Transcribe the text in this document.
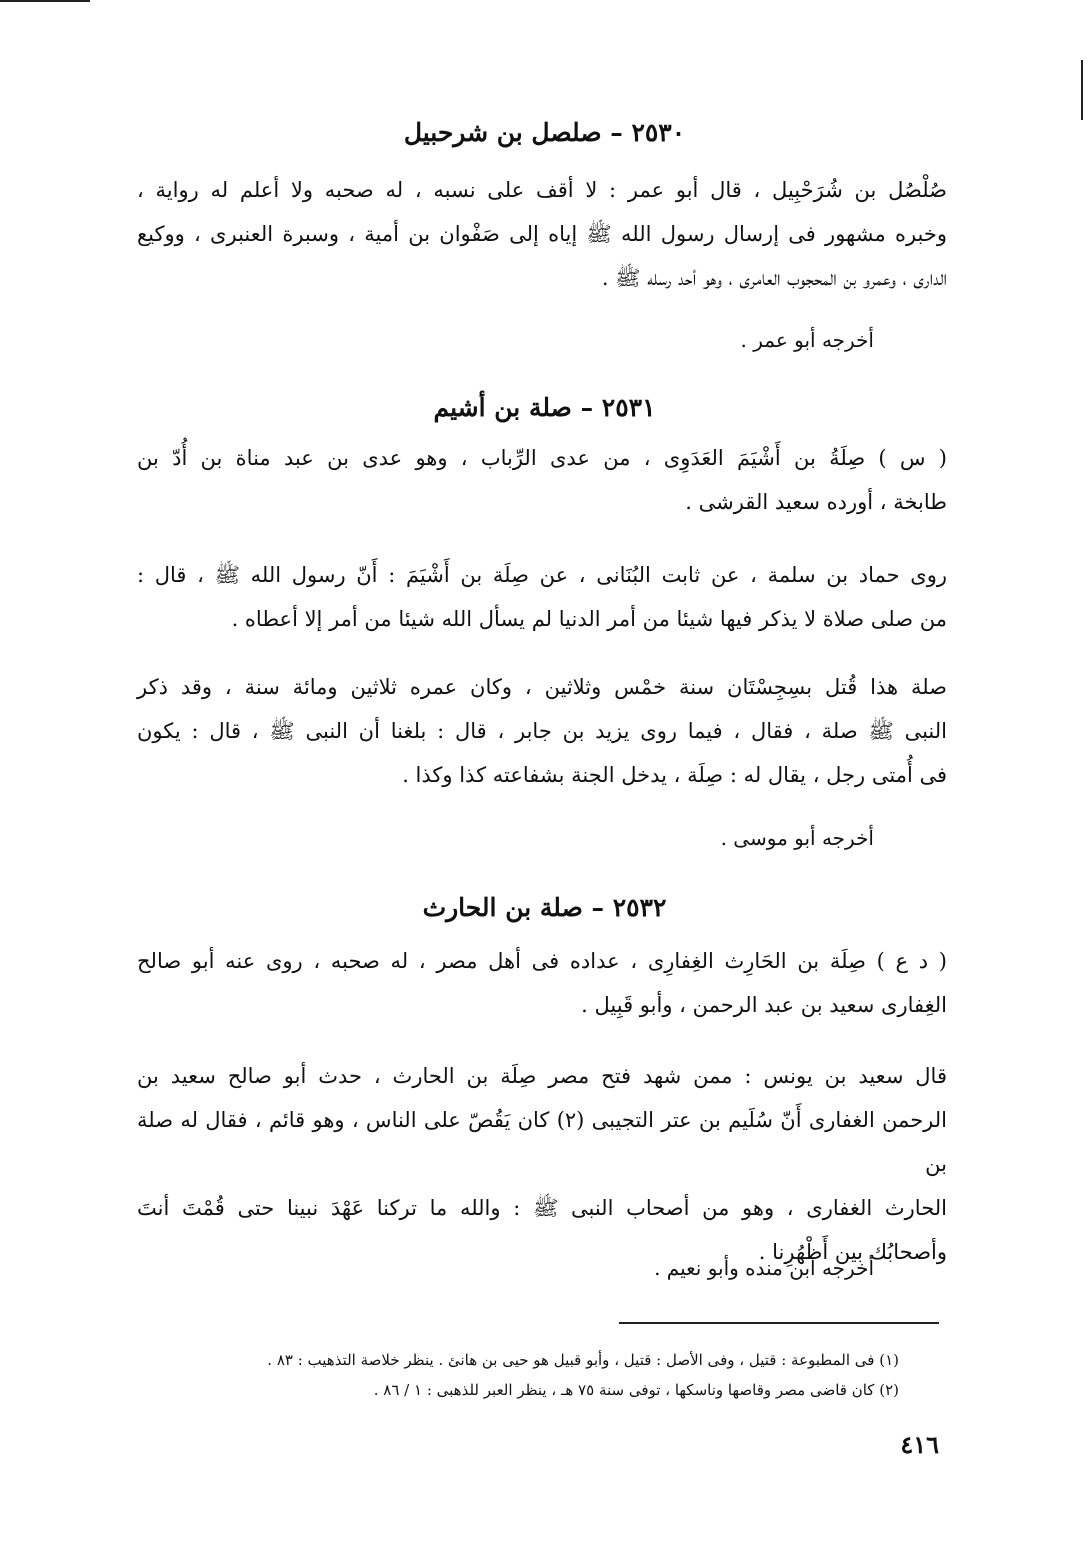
٢٥٣٠ – صلصل بن شرحبيل
صُلْصُل بن شُرَحْبِيل ، قال أبو عمر : لا أقف على نسبه ، له صحبه ولا أعلم له رواية ،
وخبره مشهور فى إرسال رسول الله ﷺ إياه إلى صَفْوان بن أمية ، وسبرة العنبرى ، ووكيع
الدارى ، وعمرو بن المحجوب العامرى ، وهو أحد رسله ﷺ .
أخرجه أبو عمر .
٢٥٣١ – صلة بن أشيم
( س ) صِلَةُ بن أَشْيَمَ العَدَوِى ، من عدى الرِّباب ، وهو عدى بن عبد مناة بن أُدّ بن
طابخة ، أورده سعيد القرشى .
روى حماد بن سلمة ، عن ثابت البُنَانى ، عن صِلَة بن أَشْيَمَ : أَنّ رسول الله ﷺ ، قال :
من صلى صلاة لا يذكر فيها شيئا من أمر الدنيا لم يسأل الله شيئا من أمر إلا أعطاه .
صلة هذا قُتل بسِجِسْتَان سنة خمْس وثلاثين ، وكان عمره ثلاثين ومائة سنة ، وقد ذكر
النبى ﷺ صلة ، فقال ، فيما روى يزيد بن جابر ، قال : بلغنا أن النبى ﷺ ، قال : يكون
فى أُمتى رجل ، يقال له : صِلَة ، يدخل الجنة بشفاعته كذا وكذا .
أخرجه أبو موسى .
٢٥٣٢ – صلة بن الحارث
( د ع ) صِلَة بن الحَارِث الغِفارِى ، عداده فى أهل مصر ، له صحبه ، روى عنه أبو صالح
الغِفارى سعيد بن عبد الرحمن ، وأبو قَبِيل .
قال سعيد بن يونس : ممن شهد فتح مصر صِلَة بن الحارث ، حدث أبو صالح سعيد بن
الرحمن الغفارى أَنّ سُلَيم بن عتر التجيبى (٢) كان يَقُصّ على الناس ، وهو قائم ، فقال له صلة بن
الحارث الغفارى ، وهو من أصحاب النبى ﷺ : والله ما تركنا عَهْدَ نبينا حتى قُمْتَ أنتَ
وأصحابُك بين أَظْهُرِنا .
أخرجه ابن منده وأبو نعيم .
(١) فى المطبوعة : قتيل ، وفى الأصل : قتيل ، وأبو قبيل هو حيى بن هانئ . ينظر خلاصة التذهيب : ٨٣ .
(٢) كان قاضى مصر وقاصها وناسكها ، توفى سنة ٧٥ هـ ، ينظر العبر للذهبى : ١ / ٨٦ .
٤١٦
